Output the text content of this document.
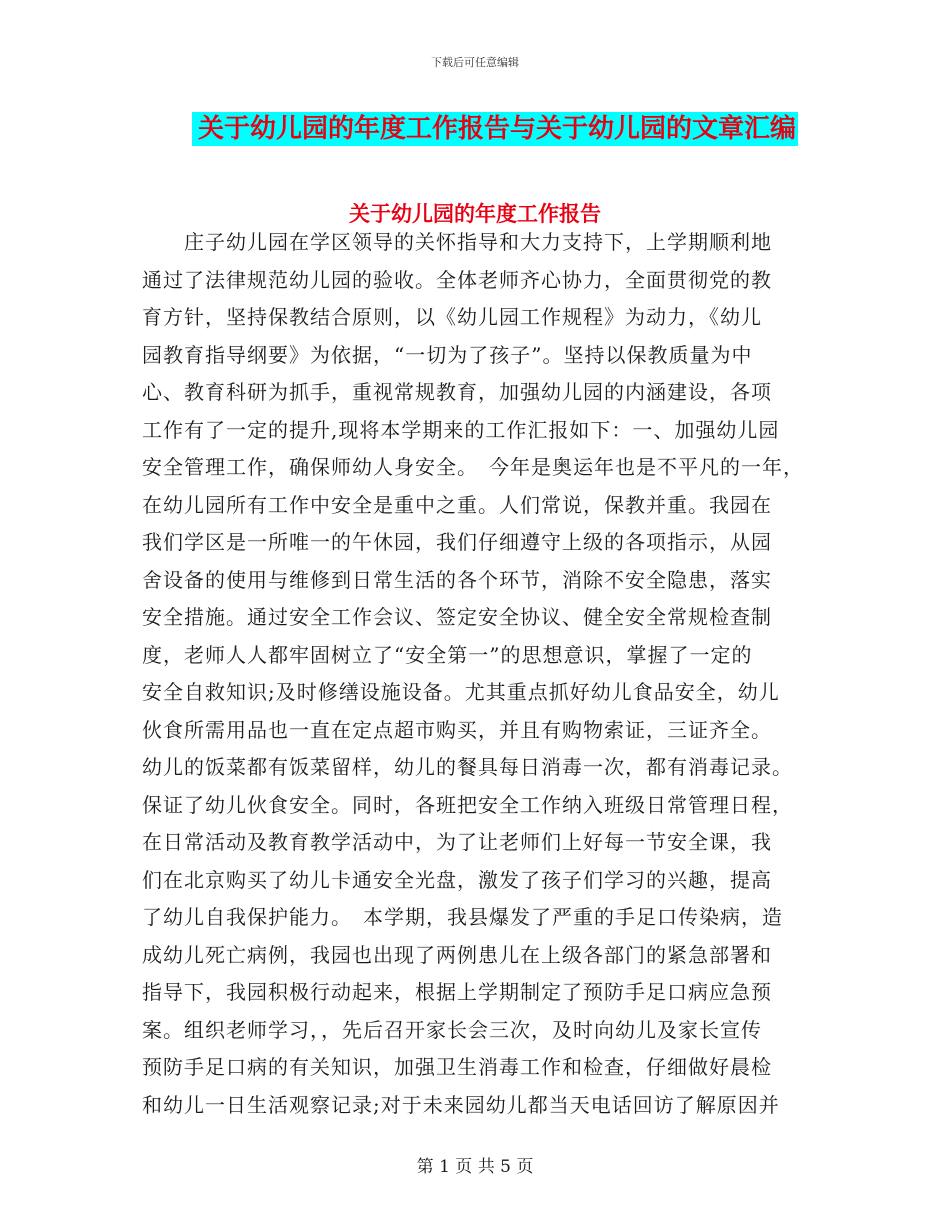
下载后可任意编辑
关于幼儿园的年度工作报告与关于幼儿园的文章汇编
关于幼儿园的年度工作报告
　　庄子幼儿园在学区领导的关怀指导和大力支持下，上学期顺利地
通过了法律规范幼儿园的验收。全体老师齐心协力，全面贯彻党的教
育方针，坚持保教结合原则，以《幼儿园工作规程》为动力，《幼儿
园教育指导纲要》为依据，“一切为了孩子”。坚持以保教质量为中
心、教育科研为抓手，重视常规教育，加强幼儿园的内涵建设，各项
工作有了一定的提升,现将本学期来的工作汇报如下：一、加强幼儿园
安全管理工作，确保师幼人身安全。　今年是奥运年也是不平凡的一年，
在幼儿园所有工作中安全是重中之重。人们常说，保教并重。我园在
我们学区是一所唯一的午休园，我们仔细遵守上级的各项指示，从园
舍设备的使用与维修到日常生活的各个环节，消除不安全隐患，落实
安全措施。通过安全工作会议、签定安全协议、健全安全常规检查制
度，老师人人都牢固树立了“安全第一”的思想意识，掌握了一定的
安全自救知识;及时修缮设施设备。尤其重点抓好幼儿食品安全，幼儿
伙食所需用品也一直在定点超市购买，并且有购物索证，三证齐全。
幼儿的饭菜都有饭菜留样，幼儿的餐具每日消毒一次，都有消毒记录。
保证了幼儿伙食安全。同时，各班把安全工作纳入班级日常管理日程，
在日常活动及教育教学活动中，为了让老师们上好每一节安全课，我
们在北京购买了幼儿卡通安全光盘，激发了孩子们学习的兴趣，提高
了幼儿自我保护能力。　本学期，我县爆发了严重的手足口传染病，造
成幼儿死亡病例，我园也出现了两例患儿在上级各部门的紧急部署和
指导下，我园积极行动起来，根据上学期制定了预防手足口病应急预
案。组织老师学习，，先后召开家长会三次，及时向幼儿及家长宣传
预防手足口病的有关知识，加强卫生消毒工作和检查，仔细做好晨检
和幼儿一日生活观察记录;对于未来园幼儿都当天电话回访了解原因并
第 1 页 共 5 页
